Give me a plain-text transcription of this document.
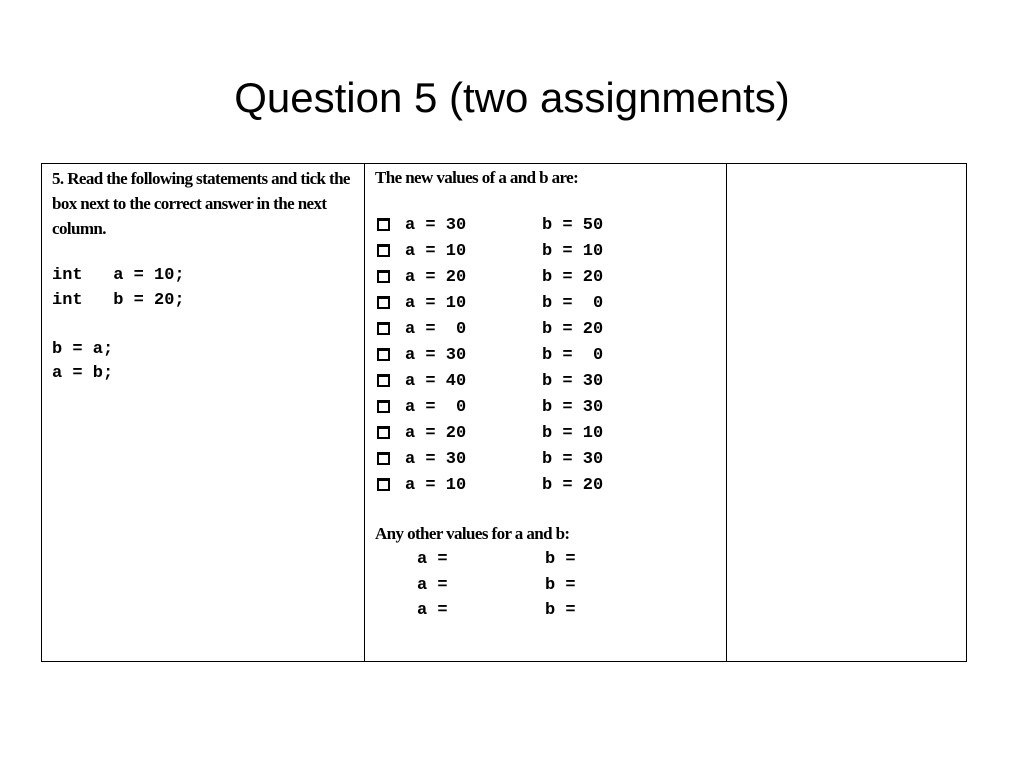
Question 5 (two assignments)

5. Read the following statements and tick the box next to the correct answer in the next column.

int   a = 10;
int   b = 20;
b = a;
a = b;
The new values of a and b are:
a = 30	b = 50
a = 10	b = 10
a = 20	b = 20
a = 10	b =  0
a =  0	b = 20
a = 30	b =  0
a = 40	b = 30
a =  0	b = 30
a = 20	b = 10
a = 30	b = 30
a = 10	b = 20
Any other values for a and b:
a =	b =
a =	b =
a =	b =
